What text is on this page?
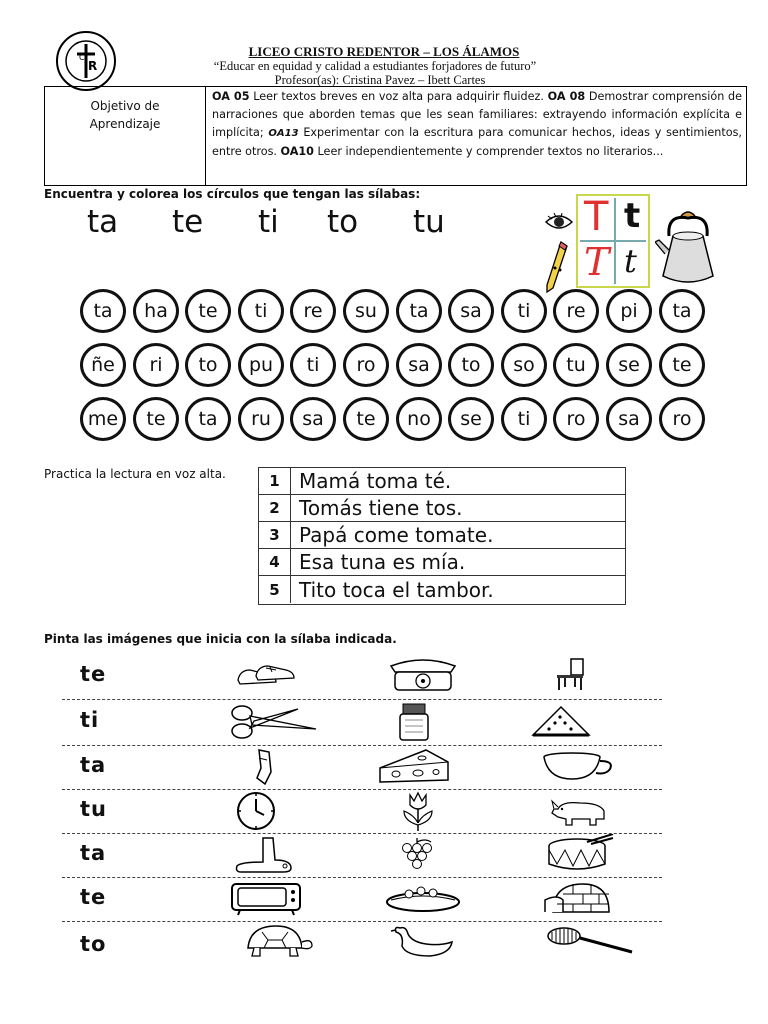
R
C	LICEO CRISTO REDENTOR – LOS ÁLAMOS
“Educar en equidad y calidad a estudiantes forjadores de futuro”
Profesor(as): Cristina Pavez – Ibett Cartes
Objetivo de
Aprendizaje
OA 05 Leer textos breves en voz alta para adquirir fluidez. OA 08 Demostrar comprensión de narraciones que aborden temas que les sean familiares: extrayendo información explícita e implícita; OA13 Experimentar con la escritura para comunicar hechos, ideas y sentimientos, entre otros. OA10 Leer independientemente y comprender textos no literarios...
Encuentra y colorea los círculos que tengan las sílabas:
ta te ti to tu	T t
T t
ta	ha	te	ti	re	su	ta	sa	ti	re	pi	ta
ñe	ri	to	pu	ti	ro	sa	to	so	tu	se	te
me	te	ta	ru	sa	te	no	se	ti	ro	sa	ro
Practica la lectura en voz alta.	1 Mamá toma té.
2 Tomás tiene tos.
3 Papá come tomate.
4 Esa tuna es mía.
5 Tito toca el tambor.
Pinta las imágenes que inicia con la sílaba indicada.
te
ti
ta
tu
ta
te
to
